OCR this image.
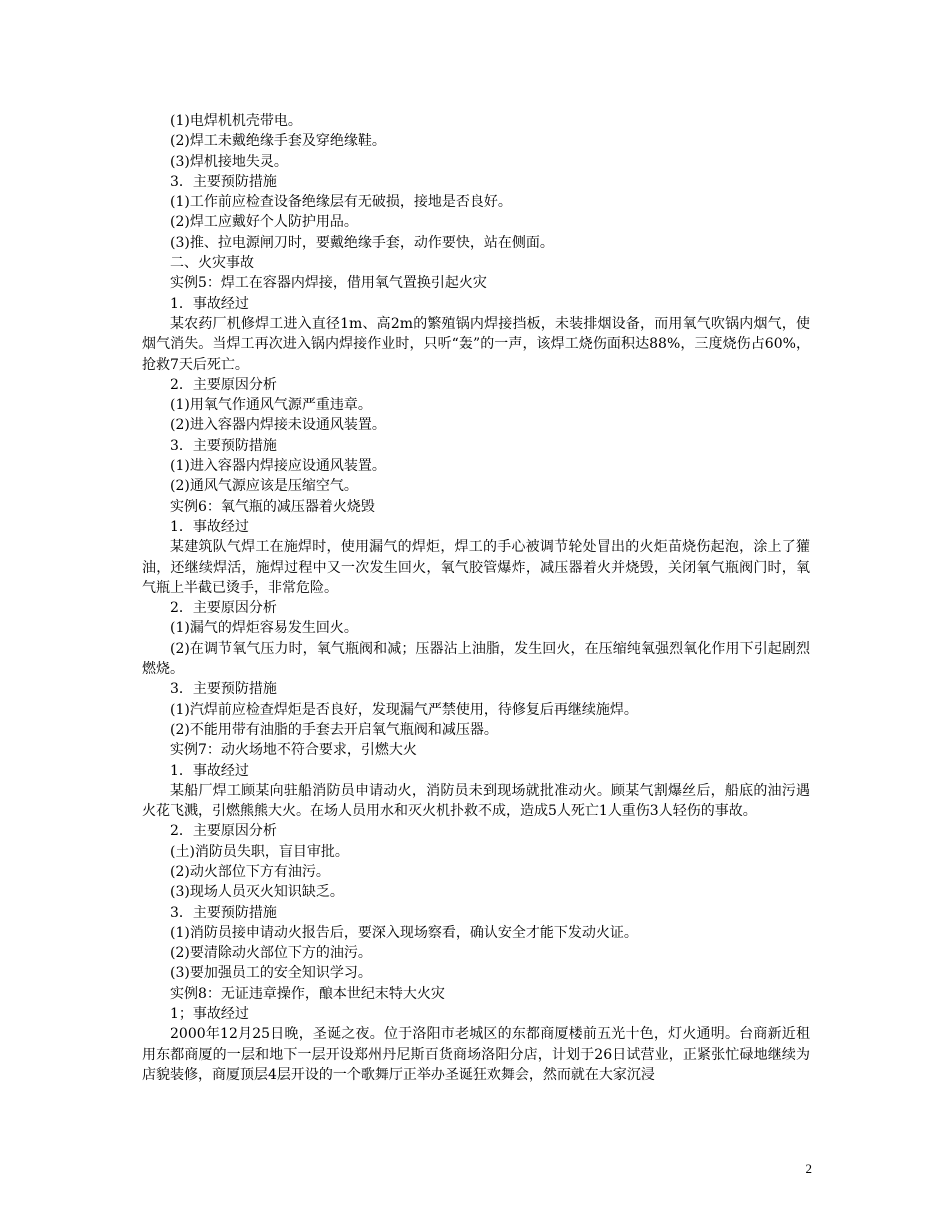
(1)电焊机机壳带电。
(2)焊工未戴绝缘手套及穿绝缘鞋。
(3)焊机接地失灵。
3．主要预防措施
(1)工作前应检查设备绝缘层有无破损，接地是否良好。
(2)焊工应戴好个人防护用品。
(3)推、拉电源闸刀时，要戴绝缘手套，动作要快，站在侧面。
二、火灾事故
实例5：焊工在容器内焊接，借用氧气置换引起火灾
1．事故经过
某农药厂机修焊工进入直径1m、高2m的繁殖锅内焊接挡板，未装排烟设备，而用氧气吹锅内烟气，使烟气消失。当焊工再次进入锅内焊接作业时，只听“轰”的一声，该焊工烧伤面积达88%，三度烧伤占60%，抢救7天后死亡。
2．主要原因分析
(1)用氧气作通风气源严重违章。
(2)进入容器内焊接未设通风装置。
3．主要预防措施
(1)进入容器内焊接应设通风装置。
(2)通风气源应该是压缩空气。
实例6：氧气瓶的减压器着火烧毁
1．事故经过
某建筑队气焊工在施焊时，使用漏气的焊炬，焊工的手心被调节轮处冒出的火炬苗烧伤起泡，涂上了獾油，还继续焊活，施焊过程中又一次发生回火，氧气胶管爆炸，减压器着火并烧毁，关闭氧气瓶阀门时，氧气瓶上半截已烫手，非常危险。
2．主要原因分析
(1)漏气的焊炬容易发生回火。
(2)在调节氧气压力时，氧气瓶阀和减；压器沾上油脂，发生回火，在压缩纯氧强烈氧化作用下引起剧烈燃烧。
3．主要预防措施
(1)汽焊前应检查焊炬是否良好，发现漏气严禁使用，待修复后再继续施焊。
(2)不能用带有油脂的手套去开启氧气瓶阀和减压器。
实例7：动火场地不符合要求，引燃大火
1．事故经过
某船厂焊工顾某向驻船消防员申请动火，消防员未到现场就批准动火。顾某气割爆丝后，船底的油污遇火花飞溅，引燃熊熊大火。在场人员用水和灭火机扑救不成，造成5人死亡1人重伤3人轻伤的事故。
2．主要原因分析
(土)消防员失职，盲目审批。
(2)动火部位下方有油污。
(3)现场人员灭火知识缺乏。
3．主要预防措施
(1)消防员接申请动火报告后，要深入现场察看，确认安全才能下发动火证。
(2)要清除动火部位下方的油污。
(3)要加强员工的安全知识学习。
实例8：无证违章操作，酿本世纪末特大火灾
1；事故经过
2000年12月25日晚，圣诞之夜。位于洛阳市老城区的东都商厦楼前五光十色，灯火通明。台商新近租用东都商厦的一层和地下一层开设郑州丹尼斯百货商场洛阳分店，计划于26日试营业，正紧张忙碌地继续为店貌装修，商厦顶层4层开设的一个歌舞厅正举办圣诞狂欢舞会，然而就在大家沉浸
2
